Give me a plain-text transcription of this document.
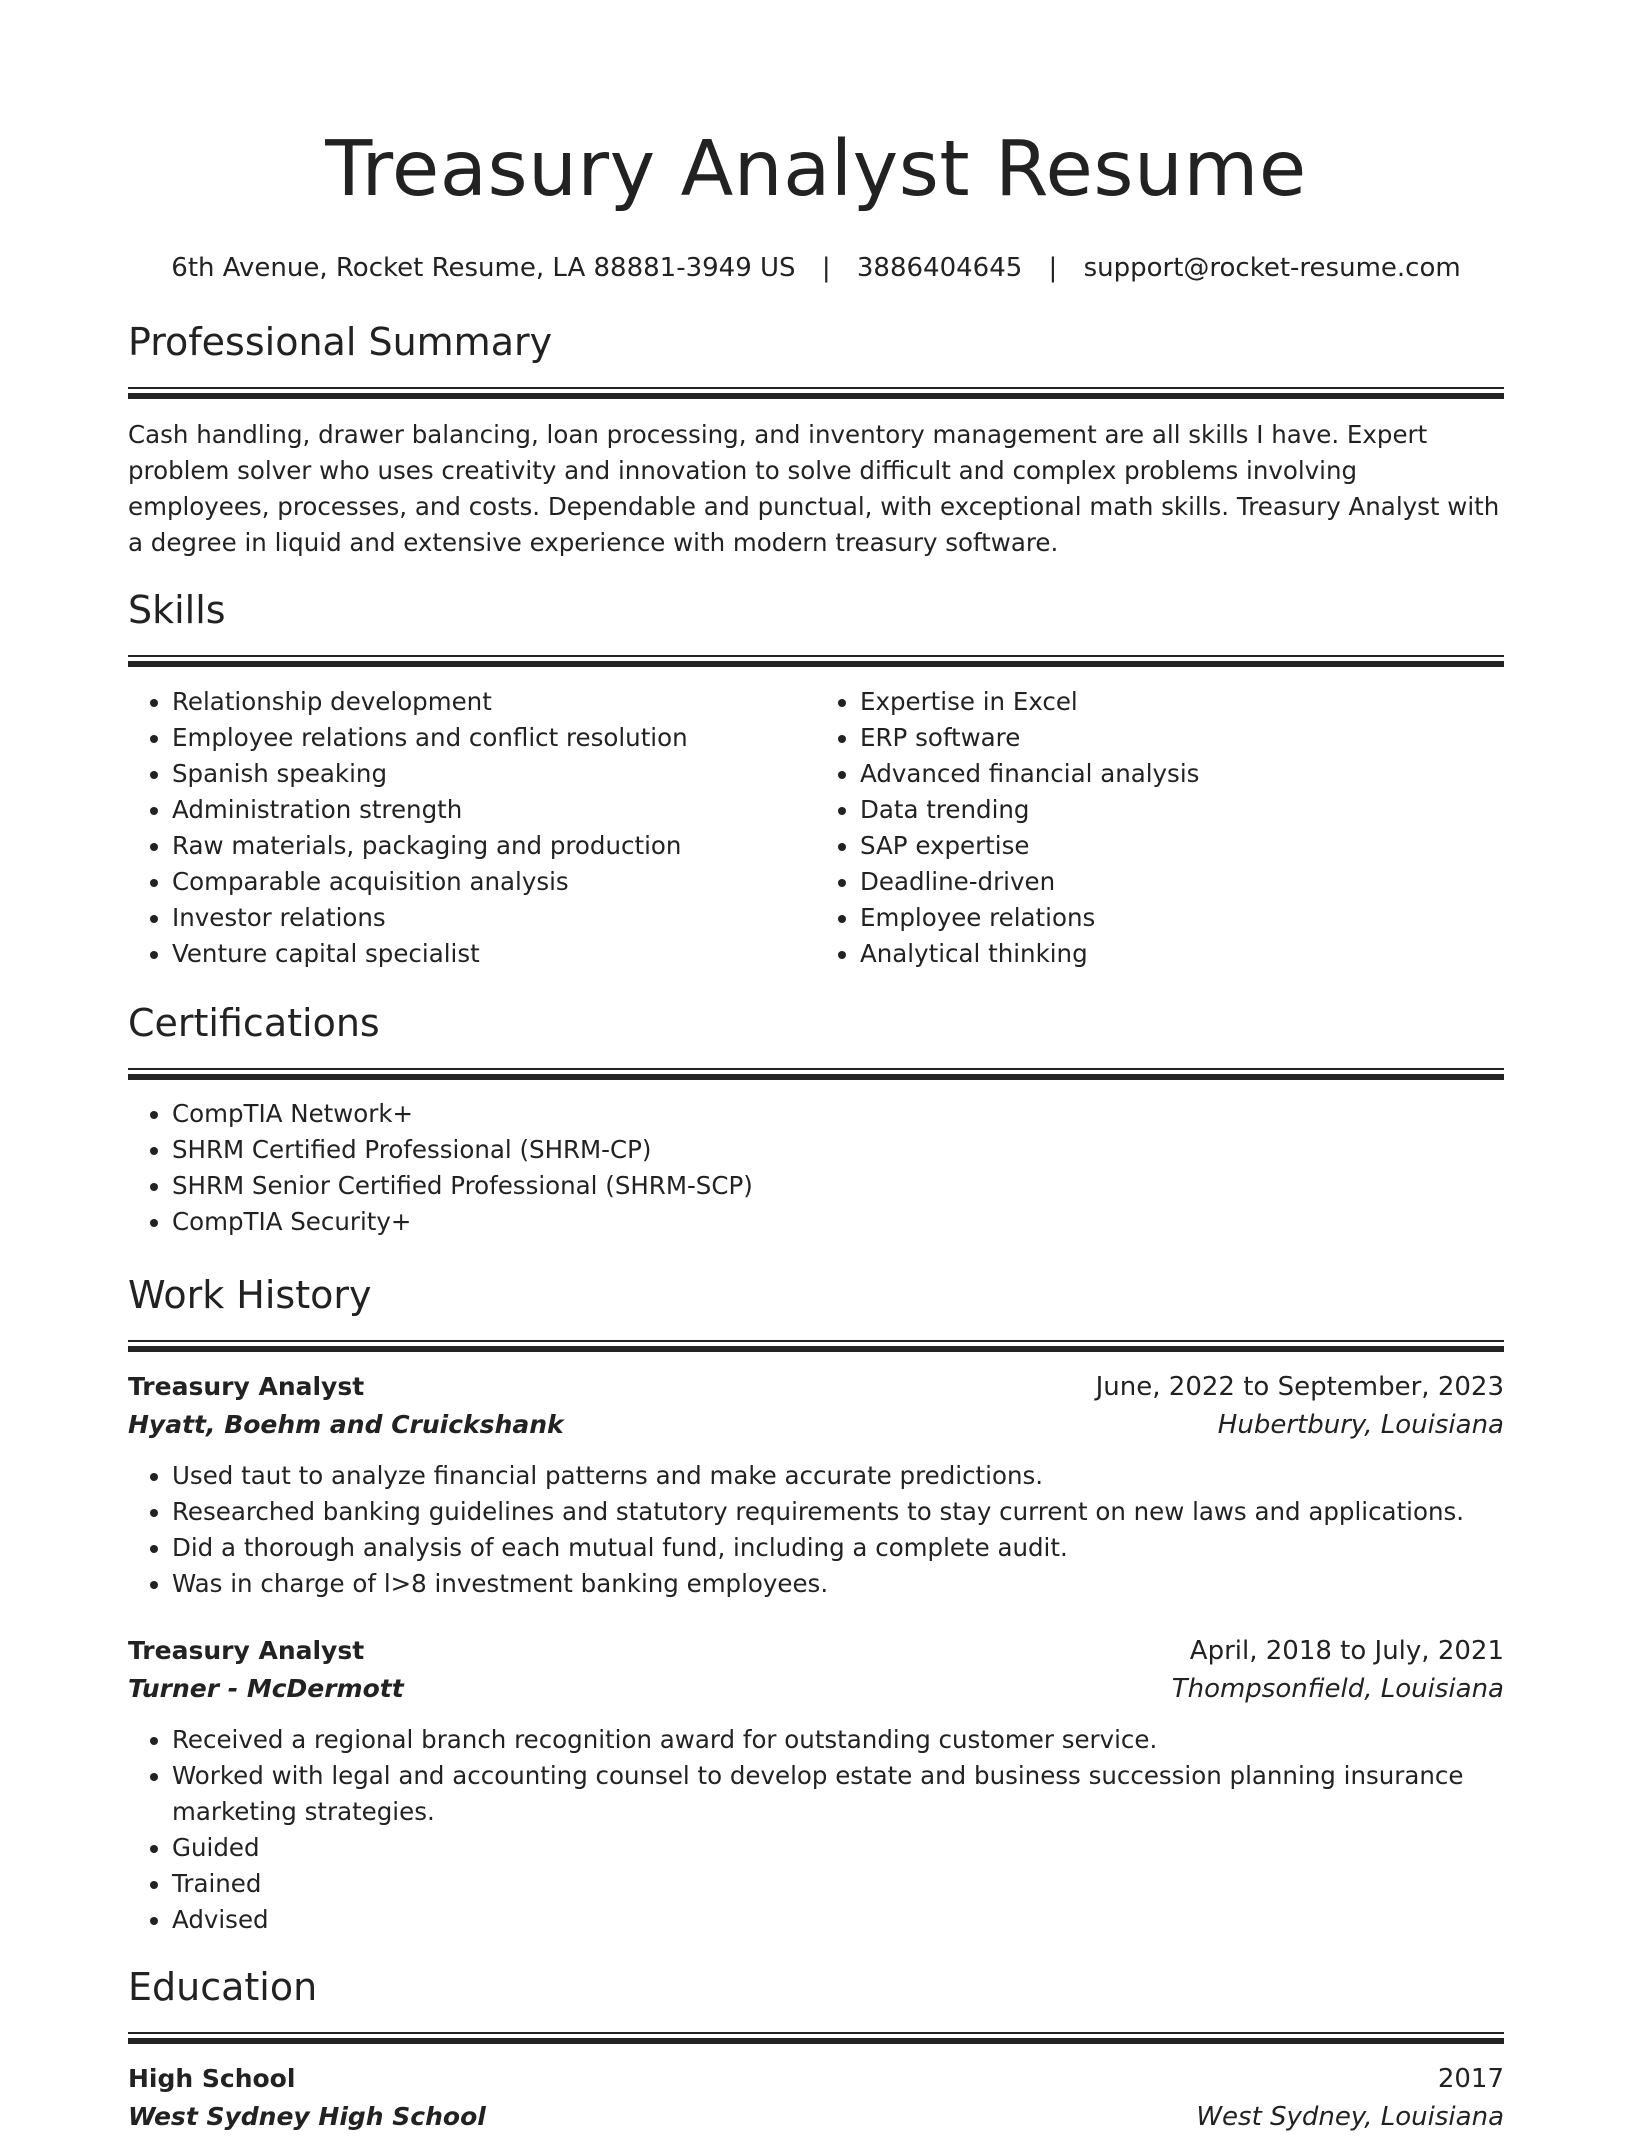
Treasury Analyst Resume
6th Avenue, Rocket Resume, LA 88881-3949 US | 3886404645 | support@rocket-resume.com
Professional Summary

Cash handling, drawer balancing, loan processing, and inventory management are all skills I have. Expert problem solver who uses creativity and innovation to solve difficult and complex problems involving employees, processes, and costs. Dependable and punctual, with exceptional math skills. Treasury Analyst with a degree in liquid and extensive experience with modern treasury software.

Skills
• Relationship development
• Employee relations and conflict resolution
• Spanish speaking
• Administration strength
• Raw materials, packaging and production
• Comparable acquisition analysis
• Investor relations
• Venture capital specialist
• Expertise in Excel
• ERP software
• Advanced financial analysis
• Data trending
• SAP expertise
• Deadline-driven
• Employee relations
• Analytical thinking
Certifications
• CompTIA Network+
• SHRM Certified Professional (SHRM-CP)
• SHRM Senior Certified Professional (SHRM-SCP)
• CompTIA Security+
Work History
Treasury Analyst	June, 2022 to September, 2023
Hyatt, Boehm and Cruickshank	Hubertbury, Louisiana
• Used taut to analyze financial patterns and make accurate predictions.
• Researched banking guidelines and statutory requirements to stay current on new laws and applications.
• Did a thorough analysis of each mutual fund, including a complete audit.
• Was in charge of l>8 investment banking employees.
Treasury Analyst	April, 2018 to July, 2021
Turner - McDermott	Thompsonfield, Louisiana
• Received a regional branch recognition award for outstanding customer service.
• Worked with legal and accounting counsel to develop estate and business succession planning insurance marketing strategies.
• Guided
• Trained
• Advised
Education
High School	2017
West Sydney High School	West Sydney, Louisiana
